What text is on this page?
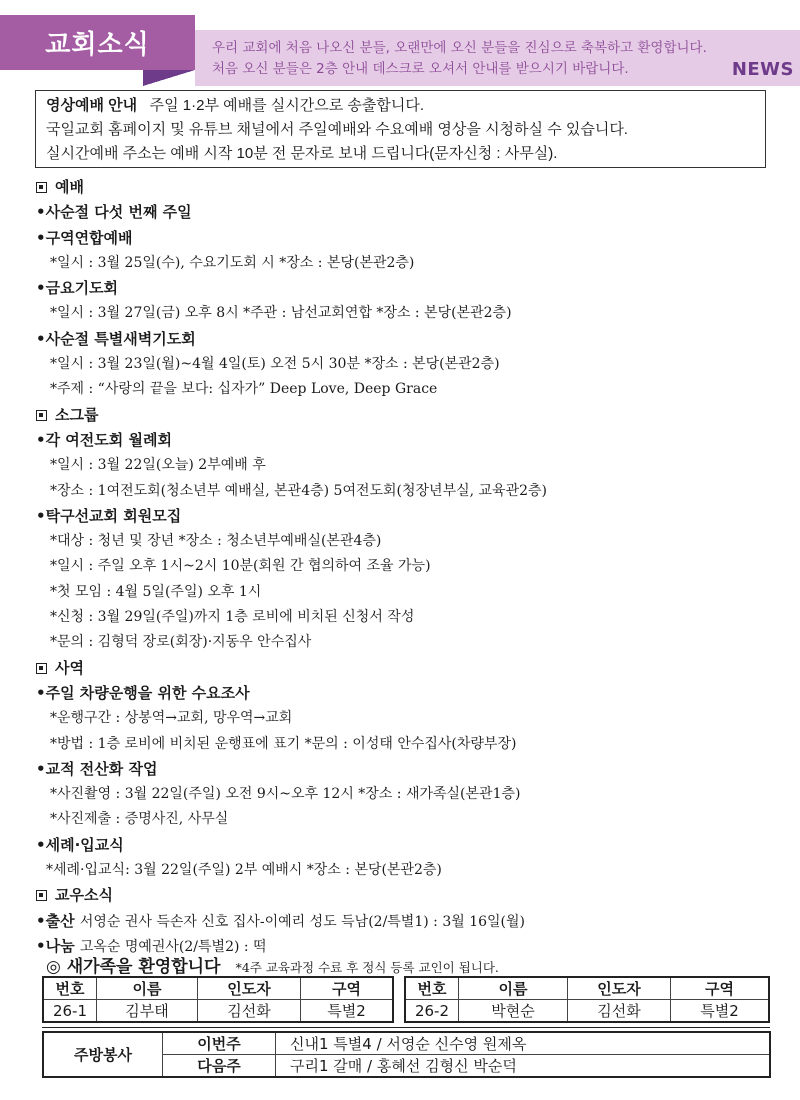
교회소식	우리 교회에 처음 나오신 분들, 오랜만에 오신 분들을 진심으로 축복하고 환영합니다.
처음 오신 분들은 2층 안내 데스크로 오셔서 안내를 받으시기 바랍니다.	NEWS
영상예배 안내 주일 1·2부 예배를 실시간으로 송출합니다.
국일교회 홈페이지 및 유튜브 채널에서 주일예배와 수요예배 영상을 시청하실 수 있습니다.
실시간예배 주소는 예배 시작 10분 전 문자로 보내 드립니다(문자신청 : 사무실).
예배
•사순절 다섯 번째 주일
•구역연합예배
*일시 : 3월 25일(수), 수요기도회 시 *장소 : 본당(본관2층)
•금요기도회
*일시 : 3월 27일(금) 오후 8시 *주관 : 남선교회연합 *장소 : 본당(본관2층)
•사순절 특별새벽기도회
*일시 : 3월 23일(월)~4월 4일(토) 오전 5시 30분 *장소 : 본당(본관2층)
*주제 : “사랑의 끝을 보다: 십자가” Deep Love, Deep Grace
소그룹
•각 여전도회 월례회
*일시 : 3월 22일(오늘) 2부예배 후
*장소 : 1여전도회(청소년부 예배실, 본관4층) 5여전도회(청장년부실, 교육관2층)
•탁구선교회 회원모집
*대상 : 청년 및 장년 *장소 : 청소년부예배실(본관4층)
*일시 : 주일 오후 1시~2시 10분(회원 간 협의하여 조율 가능)
*첫 모임 : 4월 5일(주일) 오후 1시
*신청 : 3월 29일(주일)까지 1층 로비에 비치된 신청서 작성
*문의 : 김형덕 장로(회장)·지동우 안수집사
사역
•주일 차량운행을 위한 수요조사
*운행구간 : 상봉역→교회, 망우역→교회
*방법 : 1층 로비에 비치된 운행표에 표기 *문의 : 이성태 안수집사(차량부장)
•교적 전산화 작업
*사진촬영 : 3월 22일(주일) 오전 9시~오후 12시 *장소 : 새가족실(본관1층)
*사진제출 : 증명사진, 사무실
•세례·입교식
*세례·입교식: 3월 22일(주일) 2부 예배시 *장소 : 본당(본관2층)
교우소식
•출산 서영순 권사 득손자 신호 집사-이예리 성도 득남(2/특별1) : 3월 16일(월)
•나눔 고옥순 명예권사(2/특별2) : 떡
◎ 새가족을 환영합니다 *4주 교육과정 수료 후 정식 등록 교인이 됩니다.
번호	이름	인도자	구역
26-1	김부태	김선화	특별2
번호	이름	인도자	구역
26-2	박현순	김선화	특별2
주방봉사	이번주	신내1 특별4 / 서영순 신수영 원제옥
	다음주	구리1 갈매 / 홍혜선 김형신 박순덕
